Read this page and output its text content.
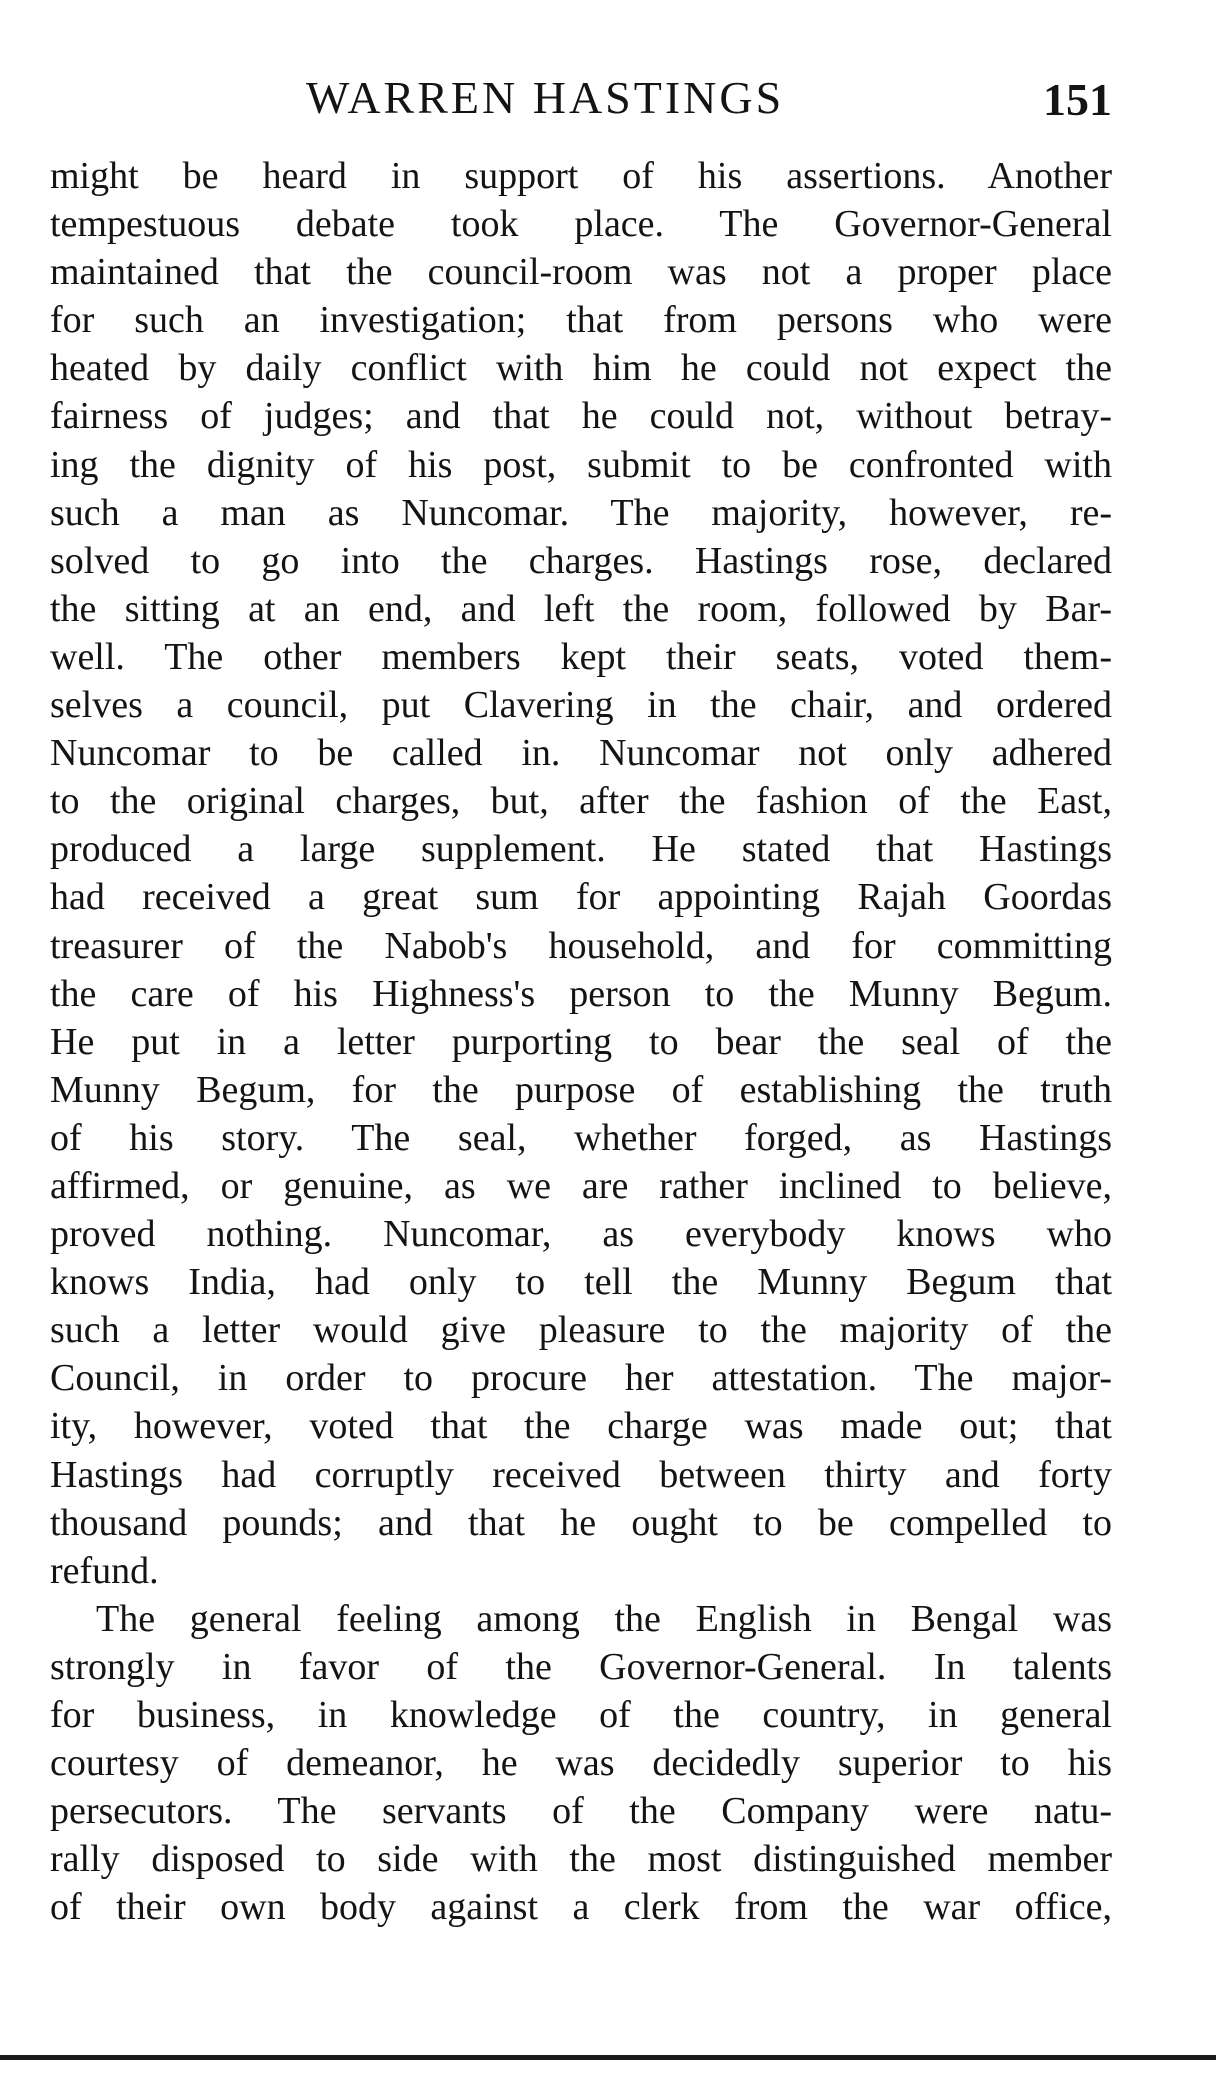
WARREN HASTINGS	151
might be heard in support of his assertions. Another
tempestuous debate took place. The Governor-General
maintained that the council-room was not a proper place
for such an investigation; that from persons who were
heated by daily conflict with him he could not expect the
fairness of judges; and that he could not, without betray-
ing the dignity of his post, submit to be confronted with
such a man as Nuncomar. The majority, however, re-
solved to go into the charges. Hastings rose, declared
the sitting at an end, and left the room, followed by Bar-
well. The other members kept their seats, voted them-
selves a council, put Clavering in the chair, and ordered
Nuncomar to be called in. Nuncomar not only adhered
to the original charges, but, after the fashion of the East,
produced a large supplement. He stated that Hastings
had received a great sum for appointing Rajah Goordas
treasurer of the Nabob's household, and for committing
the care of his Highness's person to the Munny Begum.
He put in a letter purporting to bear the seal of the
Munny Begum, for the purpose of establishing the truth
of his story. The seal, whether forged, as Hastings
affirmed, or genuine, as we are rather inclined to believe,
proved nothing. Nuncomar, as everybody knows who
knows India, had only to tell the Munny Begum that
such a letter would give pleasure to the majority of the
Council, in order to procure her attestation. The major-
ity, however, voted that the charge was made out; that
Hastings had corruptly received between thirty and forty
thousand pounds; and that he ought to be compelled to
refund.
The general feeling among the English in Bengal was
strongly in favor of the Governor-General. In talents
for business, in knowledge of the country, in general
courtesy of demeanor, he was decidedly superior to his
persecutors. The servants of the Company were natu-
rally disposed to side with the most distinguished member
of their own body against a clerk from the war office,
